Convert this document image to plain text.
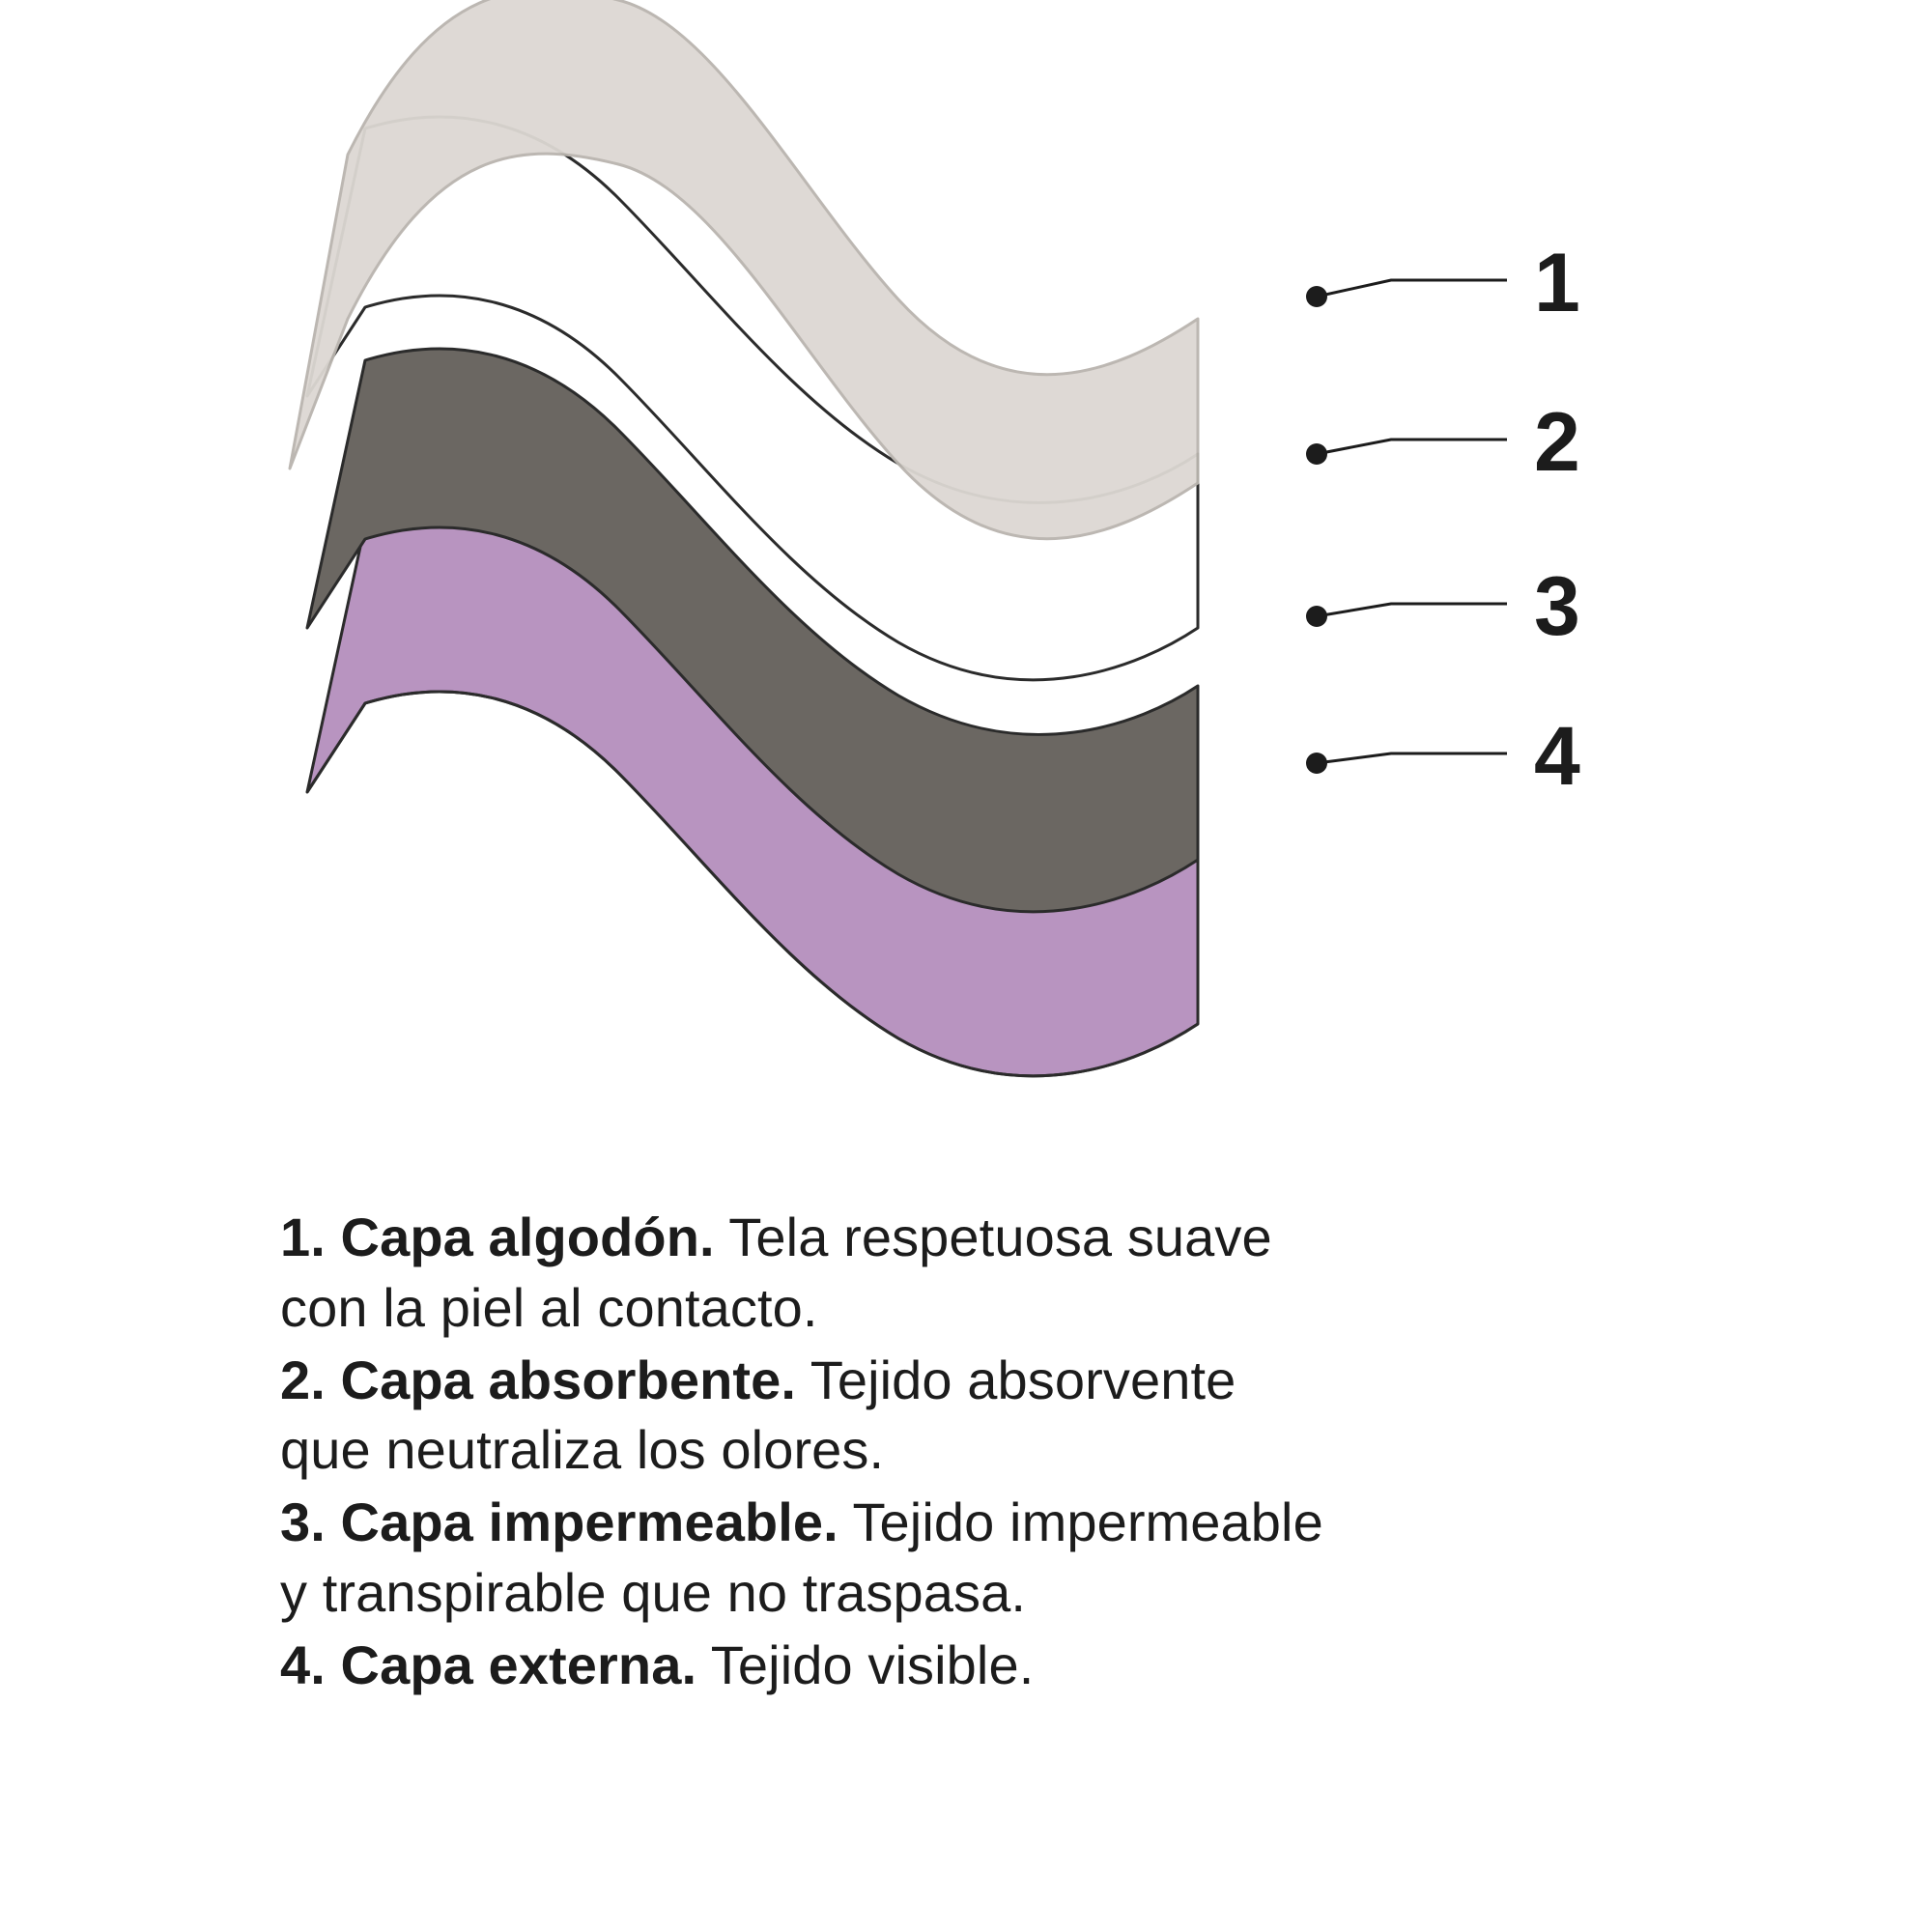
1
2
3
4
1. Capa algodón. Tela respetuosa suave
con la piel al contacto.
2. Capa absorbente. Tejido absorvente
que neutraliza los olores.
3. Capa impermeable. Tejido impermeable
y transpirable que no traspasa.
4. Capa externa. Tejido visible.
